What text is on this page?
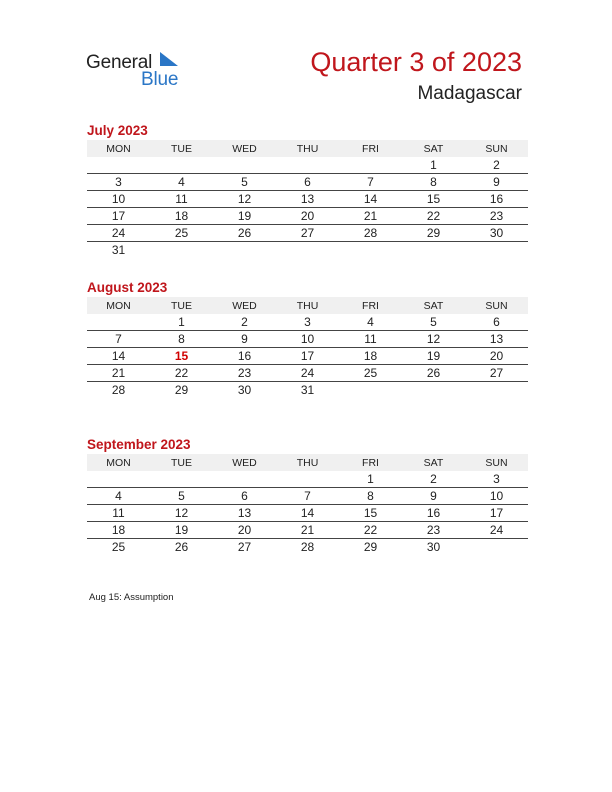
General
Blue
Quarter 3 of 2023
Madagascar
July 2023
MON	TUE	WED	THU	FRI	SAT	SUN
					1	2
3	4	5	6	7	8	9
10	11	12	13	14	15	16
17	18	19	20	21	22	23
24	25	26	27	28	29	30
31						
August 2023
MON	TUE	WED	THU	FRI	SAT	SUN
	1	2	3	4	5	6
7	8	9	10	11	12	13
14	15	16	17	18	19	20
21	22	23	24	25	26	27
28	29	30	31			
September 2023
MON	TUE	WED	THU	FRI	SAT	SUN
				1	2	3
4	5	6	7	8	9	10
11	12	13	14	15	16	17
18	19	20	21	22	23	24
25	26	27	28	29	30	
Aug 15: Assumption
